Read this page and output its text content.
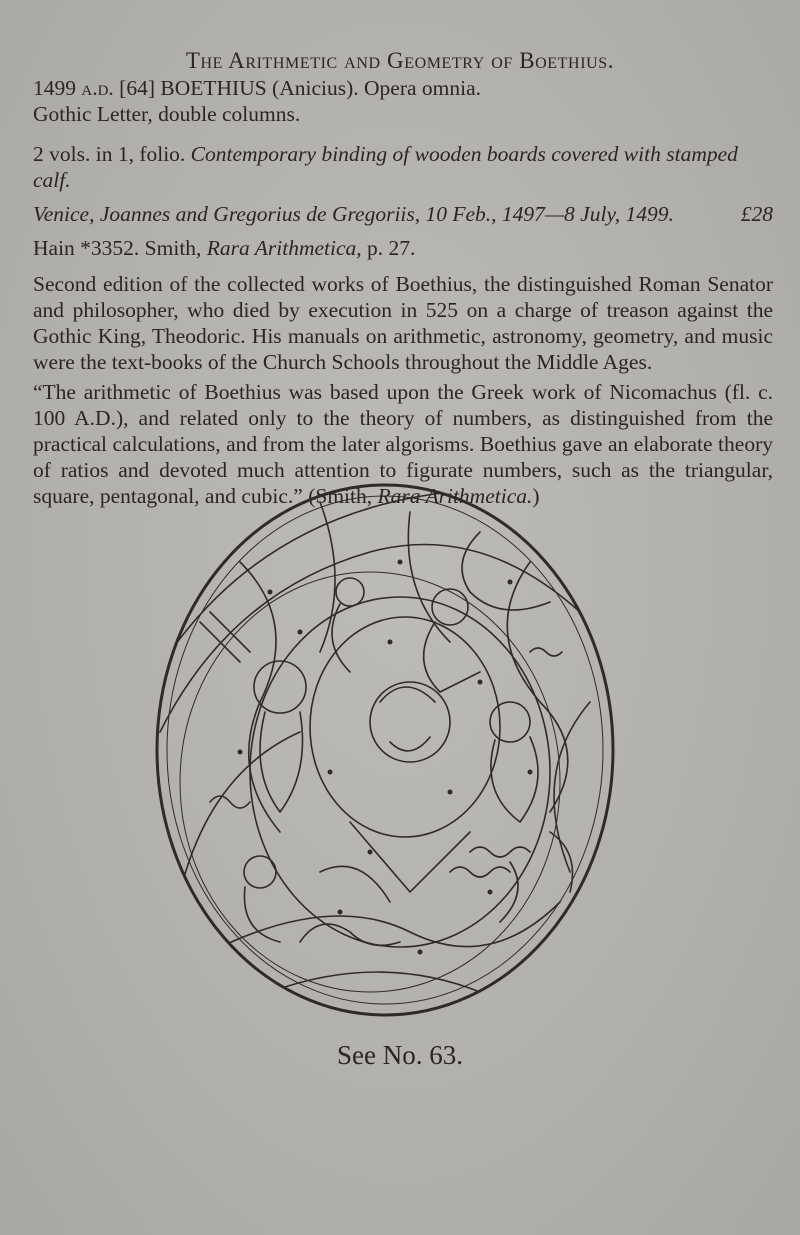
The Arithmetic and Geometry of Boethius.
1499 a.d. [64] BOETHIUS (Anicius). Opera omnia.
Gothic Letter, double columns.
2 vols. in 1, folio. Contemporary binding of wooden boards covered with stamped calf.
Venice, Joannes and Gregorius de Gregoriis, 10 Feb., 1497—8 July, 1499.	£28
Hain *3352. Smith, Rara Arithmetica, p. 27.
Second edition of the collected works of Boethius, the distinguished Roman Senator and philosopher, who died by execution in 525 on a charge of treason against the Gothic King, Theodoric. His manuals on arithmetic, astronomy, geometry, and music were the text-books of the Church Schools throughout the Middle Ages.
“The arithmetic of Boethius was based upon the Greek work of Nicomachus (fl. c. 100 A.D.), and related only to the theory of numbers, as distinguished from the practical calculations, and from the later algorisms. Boethius gave an elaborate theory of ratios and devoted much attention to figurate numbers, such as the triangular, square, pentagonal, and cubic.” (Smith, Rara Arithmetica.)
See No. 63.
